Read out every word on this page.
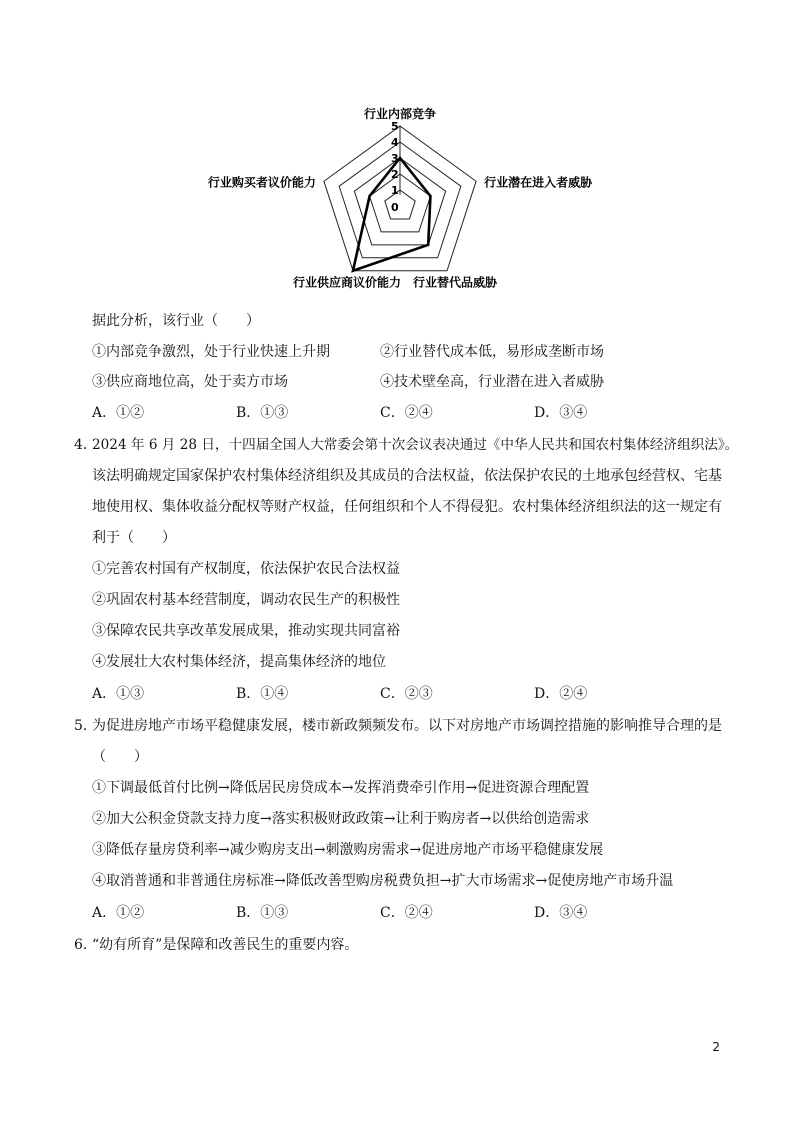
0
1
2
3
4
5
行业内部竞争
行业潜在进入者威胁
行业替代品威胁
行业供应商议价能力
行业购买者议价能力
据此分析，该行业（　　）
①内部竞争激烈，处于行业快速上升期	②行业替代成本低，易形成垄断市场
③供应商地位高，处于卖方市场	④技术壁垒高，行业潜在进入者威胁
A．①②	B．①③	C．②④	D．③④
4．
2024 年 6 月 28 日，十四届全国人大常委会第十次会议表决通过《中华人民共和国农村集体经济组织法》。
该法明确规定国家保护农村集体经济组织及其成员的合法权益，依法保护农民的土地承包经营权、宅基
地使用权、集体收益分配权等财产权益，任何组织和个人不得侵犯。农村集体经济组织法的这一规定有
利于（　　）
①完善农村国有产权制度，依法保护农民合法权益
②巩固农村基本经营制度，调动农民生产的积极性
③保障农民共享改革发展成果，推动实现共同富裕
④发展壮大农村集体经济，提高集体经济的地位
A．①③	B．①④	C．②③	D．②④
5．
为促进房地产市场平稳健康发展，楼市新政频频发布。以下对房地产市场调控措施的影响推导合理的是
（　　）
①下调最低首付比例→降低居民房贷成本→发挥消费牵引作用→促进资源合理配置
②加大公积金贷款支持力度→落实积极财政政策→让利于购房者→以供给创造需求
③降低存量房贷利率→减少购房支出→刺激购房需求→促进房地产市场平稳健康发展
④取消普通和非普通住房标准→降低改善型购房税费负担→扩大市场需求→促使房地产市场升温
A．①②	B．①③	C．②④	D．③④
6．
“幼有所育”是保障和改善民生的重要内容。
2
